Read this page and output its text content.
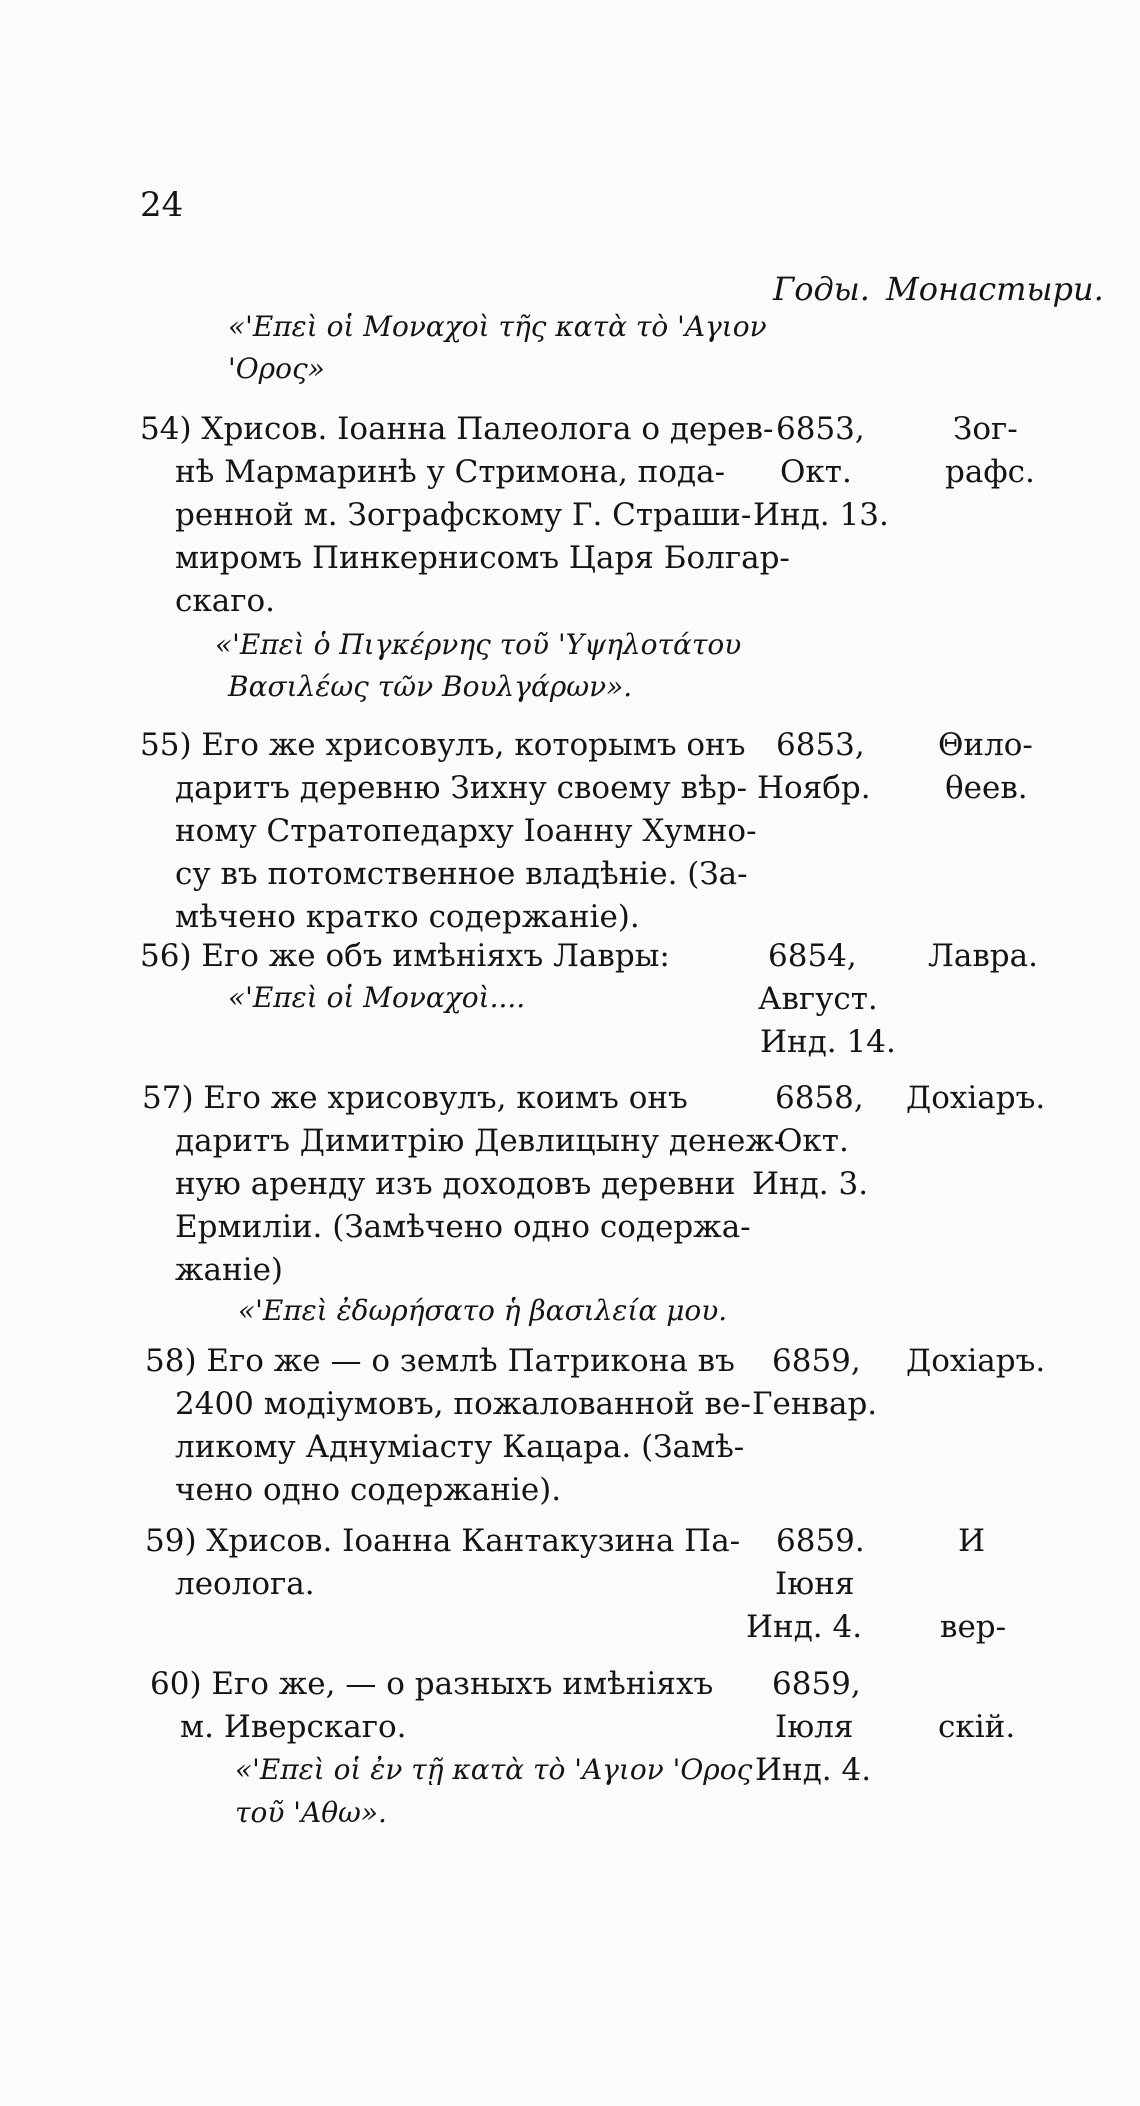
24
Годы. Монастыри.
«'Επεὶ οἱ Μοναχοὶ τῆς κατὰ τὸ 'Αγιον
'Ορος»
54) Хрисов. Іоанна Палеолога о дерев-
нѣ Мармаринѣ у Стримона, пода-
ренной м. Зографскому Г. Страши-
миромъ Пинкернисомъ Царя Болгар-
скаго.
«'Επεὶ ὁ Πιγκέρνης τοῦ 'Υψηλοτάτου
Βασιλέως τῶν Βουλγάρων».
6853,
Окт.
Инд. 13.
Зог-
рафс.
55) Его же хрисовулъ, которымъ онъ
даритъ деревню Зихну своему вѣр-
ному Стратопедарху Іоанну Хумно-
су въ потомственное владѣніе. (За-
мѣчено кратко содержаніе).
6853,
Ноябр.
Θило-
θеев.
56) Его же объ имѣніяхъ Лавры:
«'Επεὶ οἱ Μοναχοὶ....
6854,
Август.
Инд. 14.
Лавра.
57) Его же хрисовулъ, коимъ онъ
даритъ Димитрію Девлицыну денеж-
ную аренду изъ доходовъ деревни
Ермиліи. (Замѣчено одно содержа-
жаніе)
«'Επεὶ ἐδωρήσατο ἡ βασιλεία μου.
6858,
Окт.
Инд. 3.
Дохіаръ.
58) Его же — о землѣ Патрикона въ
2400 модіумовъ, пожалованной ве-
ликому Аднуміасту Кацара. (Замѣ-
чено одно содержаніе).
6859,
Генвар.
Дохіаръ.
59) Хрисов. Іоанна Кантакузина Па-
леолога.
6859.
Іюня
Инд. 4.
И
вер-
60) Его же, — о разныхъ имѣніяхъ
м. Иверскаго.
«'Επεὶ οἱ ἐν τῇ κατὰ τὸ 'Αγιον 'Ορος
τοῦ 'Αθω».
6859,
Іюля
Инд. 4.
скій.
